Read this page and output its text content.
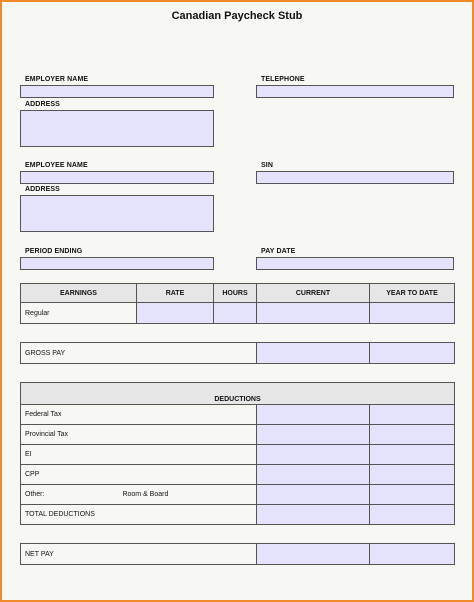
Canadian Paycheck Stub
EMPLOYER NAME	TELEPHONE
ADDRESS
EMPLOYEE NAME	SIN
ADDRESS
PERIOD ENDING	PAY DATE
EARNINGS	RATE	HOURS	CURRENT	YEAR TO DATE
Regular				
GROSS PAY		
DEDUCTIONS		
Federal Tax		
Provincial Tax		
EI		
CPP		
Other: Room & Board		
TOTAL DEDUCTIONS		
NET PAY		
